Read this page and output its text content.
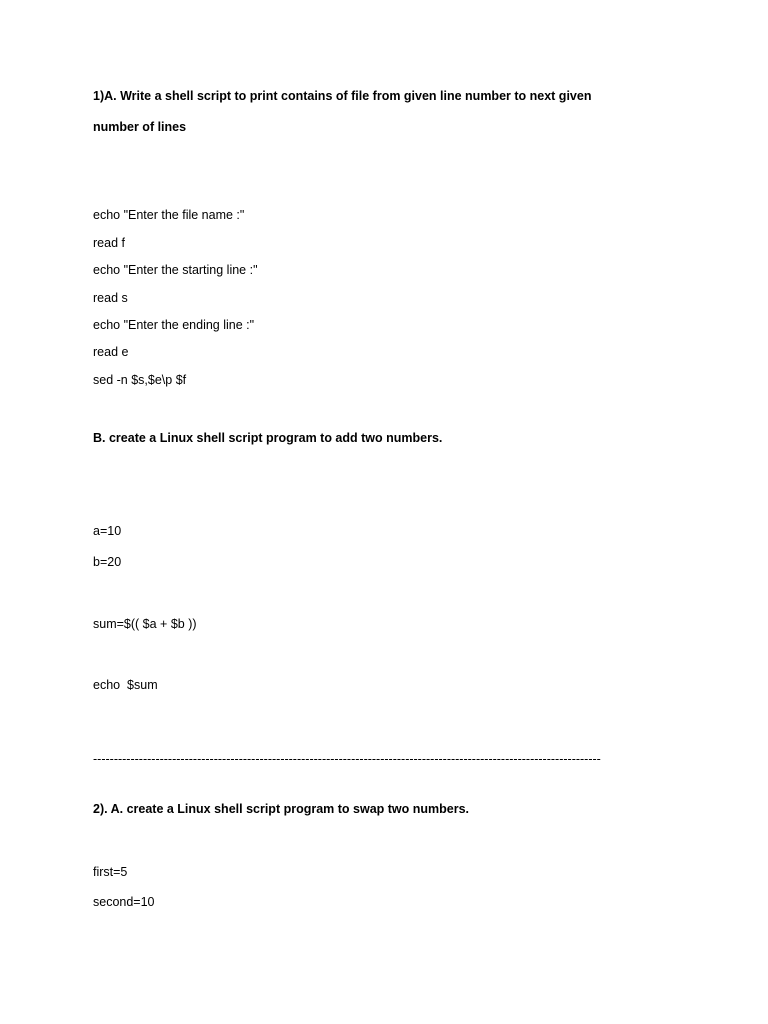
1)A. Write a shell script to print contains of file from given line number to next given

number of lines

echo "Enter the file name :"

read f

echo "Enter the starting line :"

read s

echo "Enter the ending line :"

read e

sed -n $s,$e\p $f

B. create a Linux shell script program to add two numbers.

a=10

b=20

sum=$(( $a + $b ))

echo  $sum

--------------------------------------------------------------------------------------------------------------------------

2). A. create a Linux shell script program to swap two numbers.

first=5

second=10
